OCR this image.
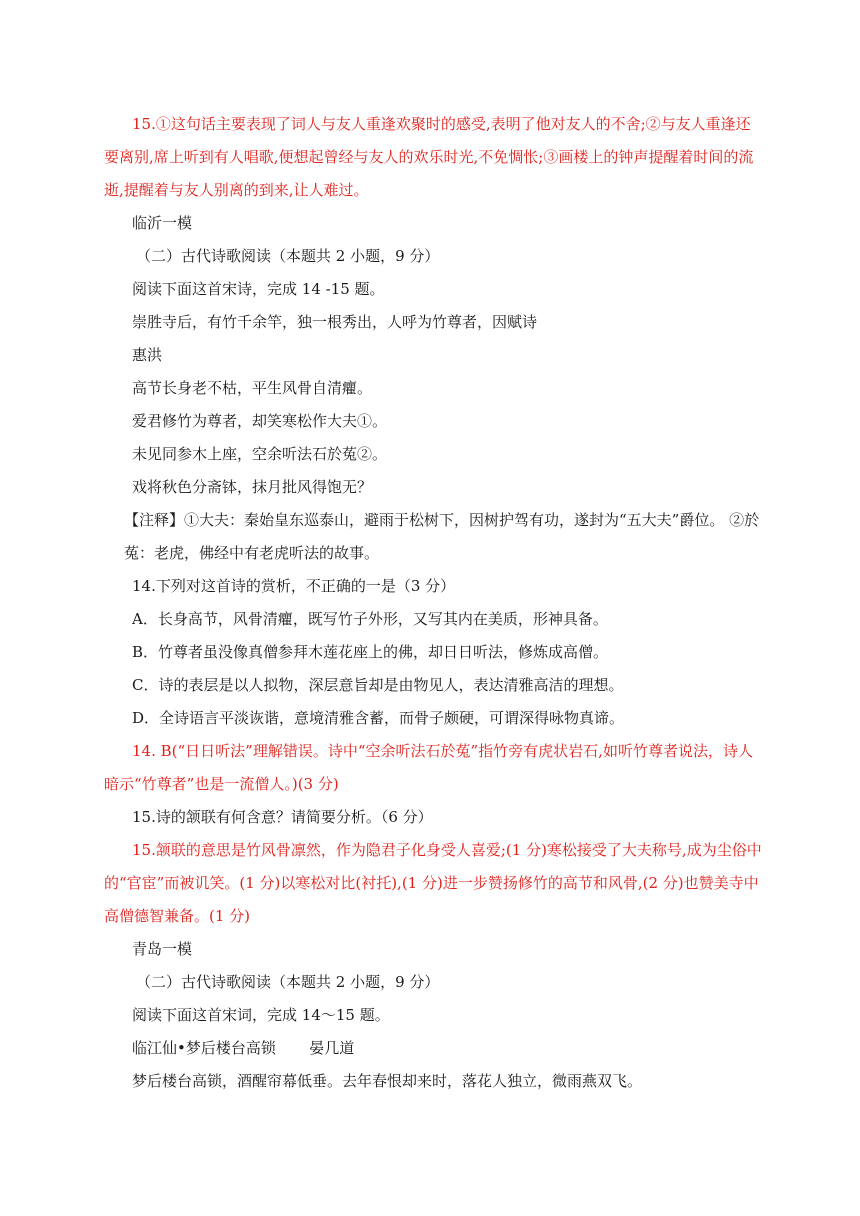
15.①这句话主要表现了词人与友人重逢欢聚时的感受,表明了他对友人的不舍;②与友人重逢还要离别,席上听到有人唱歌,便想起曾经与友人的欢乐时光,不免惆怅;③画楼上的钟声提醒着时间的流逝,提醒着与友人别离的到来,让人难过。

临沂一模

（二）古代诗歌阅读（本题共 2 小题，9 分）

阅读下面这首宋诗，完成 14 -15 题。

崇胜寺后，有竹千余竿，独一根秀出，人呼为竹尊者，因赋诗

惠洪

高节长身老不枯，平生风骨自清癯。

爱君修竹为尊者，却笑寒松作大夫①。

未见同参木上座，空余听法石於菟②。

戏将秋色分斋钵，抹月批风得饱无？

【注释】①大夫：秦始皇东巡泰山，避雨于松树下，因树护驾有功，遂封为“五大夫”爵位。 ②於菟：老虎，佛经中有老虎听法的故事。

14.下列对这首诗的赏析，不正确的一是（3 分）

A．长身高节，风骨清癯，既写竹子外形，又写其内在美质，形神具备。

B．竹尊者虽没像真僧参拜木莲花座上的佛，却日日听法，修炼成高僧。

C．诗的表层是以人拟物，深层意旨却是由物见人，表达清雅高洁的理想。

D．全诗语言平淡诙谐，意境清雅含蓄，而骨子颇硬，可谓深得咏物真谛。

14. B(“日日听法”理解错误。诗中“空余听法石於菟”指竹旁有虎状岩石,如听竹尊者说法，诗人暗示“竹尊者”也是一流僧人。)(3 分)

15.诗的颔联有何含意？请简要分析。（6 分）

15.颔联的意思是竹风骨凛然，作为隐君子化身受人喜爱;(1 分)寒松接受了大夫称号,成为尘俗中的“官宦”而被讥笑。(1 分)以寒松对比(衬托),(1 分)进一步赞扬修竹的高节和风骨,(2 分)也赞美寺中高僧德智兼备。(1 分)

青岛一模

（二）古代诗歌阅读（本题共 2 小题，9 分）

阅读下面这首宋词，完成 14～15 题。

临江仙•梦后楼台高锁       晏几道

梦后楼台高锁，酒醒帘幕低垂。去年春恨却来时，落花人独立，微雨燕双飞。
